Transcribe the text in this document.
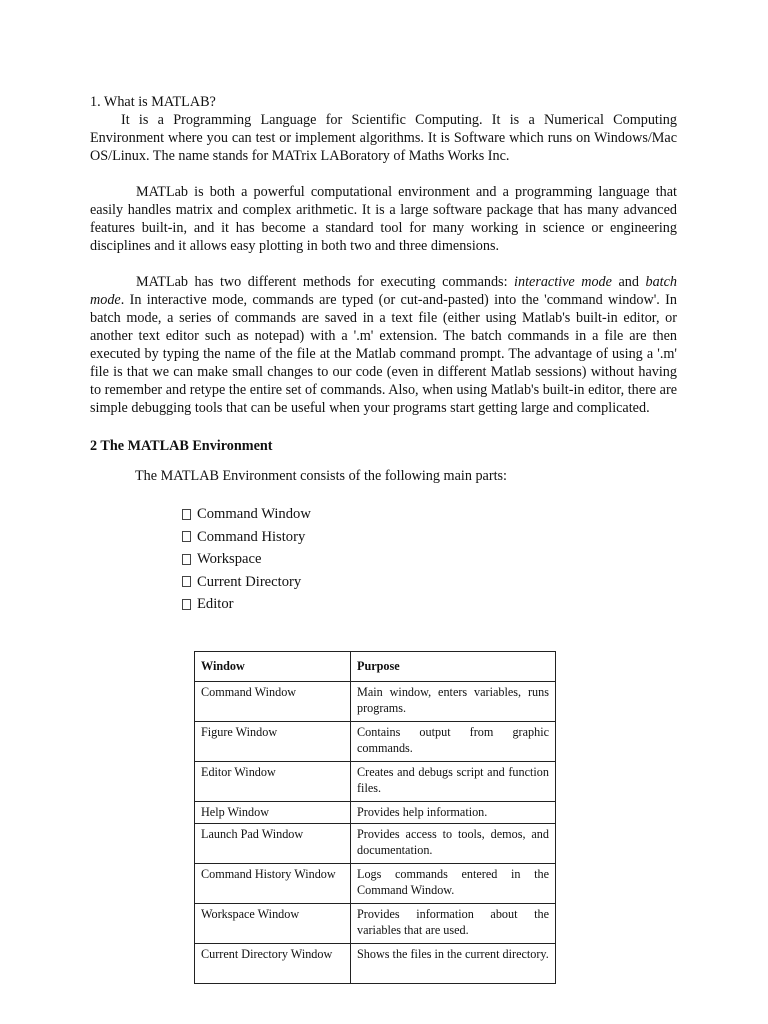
1. What is MATLAB?
It is a Programming Language for Scientific Computing. It is a Numerical Computing Environment where you can test or implement algorithms. It is Software which runs on Windows/Mac OS/Linux. The name stands for MATrix LABoratory of Maths Works Inc.

MATLab is both a powerful computational environment and a programming language that easily handles matrix and complex arithmetic. It is a large software package that has many advanced features built-in, and it has become a standard tool for many working in science or engineering disciplines and it allows easy plotting in both two and three dimensions.

MATLab has two different methods for executing commands: interactive mode and batch mode. In interactive mode, commands are typed (or cut-and-pasted) into the 'command window'. In batch mode, a series of commands are saved in a text file (either using Matlab's built-in editor, or another text editor such as notepad) with a '.m' extension. The batch commands in a file are then executed by typing the name of the file at the Matlab command prompt. The advantage of using a '.m' file is that we can make small changes to our code (even in different Matlab sessions) without having to remember and retype the entire set of commands. Also, when using Matlab's built-in editor, there are simple debugging tools that can be useful when your programs start getting large and complicated.

2 The MATLAB Environment
The MATLAB Environment consists of the following main parts:
Command Window
Command History
Workspace
Current Directory
Editor
Window	Purpose
Command Window	Main window, enters variables, runs programs.
Figure Window	Contains output from graphic commands.
Editor Window	Creates and debugs script and function files.
Help Window	Provides help information.
Launch Pad Window	Provides access to tools, demos, and documentation.
Command History Window	Logs commands entered in the Command Window.
Workspace Window	Provides information about the variables that are used.
Current Directory Window	Shows the files in the current directory.
